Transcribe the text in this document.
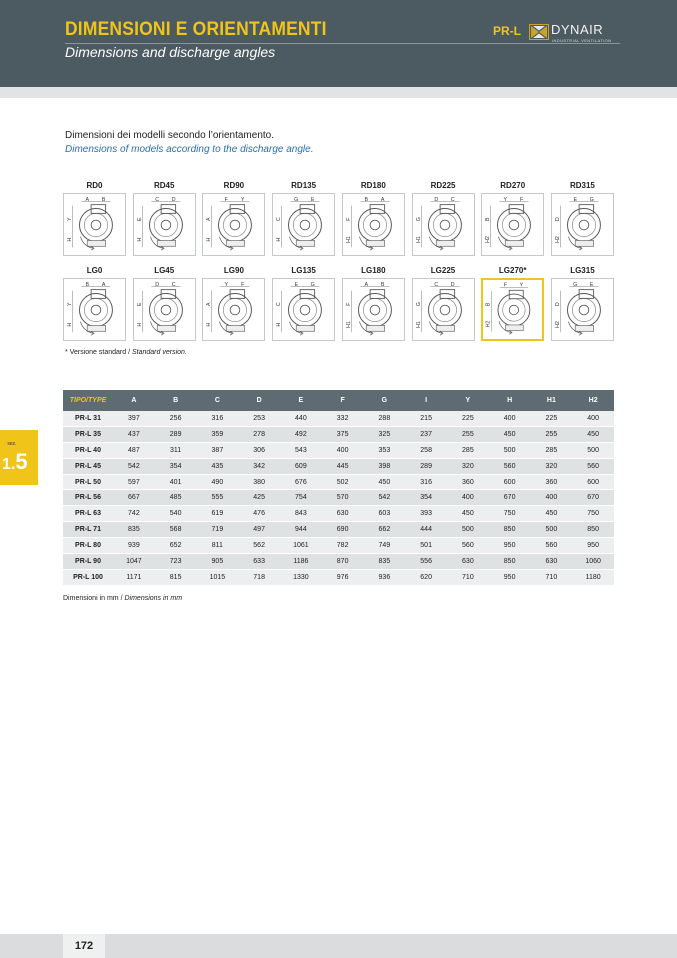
DIMENSIONI E ORIENTAMENTI
Dimensions and discharge angles
PR-L DYNAIR
INDUSTRIAL VENTILATION
Dimensioni dei modelli secondo l’orientamento.
Dimensions of models according to the discharge angle.
RD0
A B
Y
H
RD45
C D
E
H
RD90
F Y
A
H
RD135
G E
C
H
RD180
B A
F
H1
RD225
D C
G
H1
RD270
Y F
B
H2
RD315
E G
D
H2
LG0
B A
Y
H
LG45
D C
E
H
LG90
Y F
A
H
LG135
E G
C
H
LG180
A B
F
H1
LG225
C D
G
H1
LG270*
F Y
B
H2
LG315
G E
D
H2
* Versione standard / Standard version.
TIPO/TYPE	A	B	C	D	E	F	G	I	Y	H	H1	H2
PR-L 31	397	256	316	253	440	332	288	215	225	400	225	400
PR-L 35	437	289	359	278	492	375	325	237	255	450	255	450
PR-L 40	487	311	387	306	543	400	353	258	285	500	285	500
PR-L 45	542	354	435	342	609	445	398	289	320	560	320	560
PR-L 50	597	401	490	380	676	502	450	316	360	600	360	600
PR-L 56	667	485	555	425	754	570	542	354	400	670	400	670
PR-L 63	742	540	619	476	843	630	603	393	450	750	450	750
PR-L 71	835	568	719	497	944	690	662	444	500	850	500	850
PR-L 80	939	652	811	562	1061	782	749	501	560	950	560	950
PR-L 90	1047	723	905	633	1186	870	835	556	630	850	630	1060
PR-L 100	1171	815	1015	718	1330	976	936	620	710	950	710	1180
Dimensioni in mm / Dimensions in mm
sez.
1.5
172
